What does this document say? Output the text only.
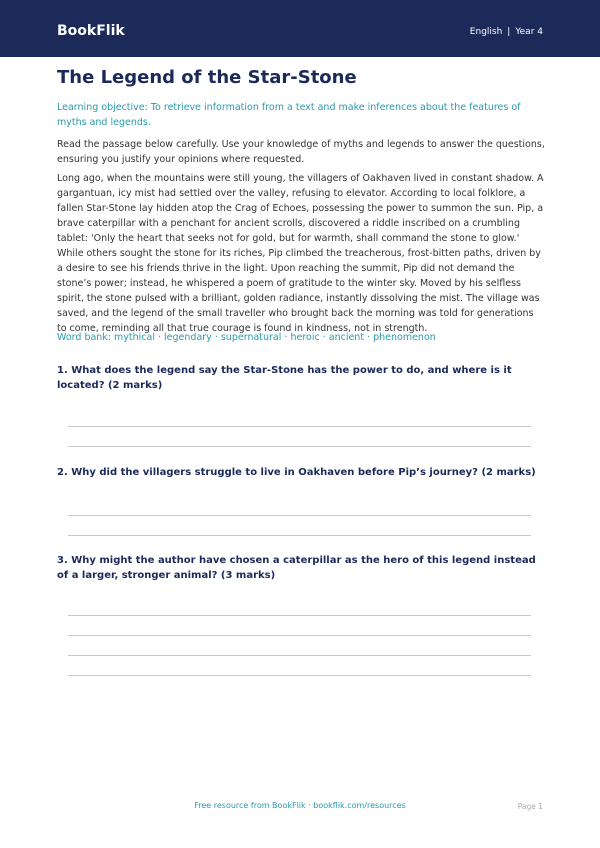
BookFlik	English | Year 4
The Legend of the Star-Stone

Learning objective: To retrieve information from a text and make inferences about the features of myths and legends.

Read the passage below carefully. Use your knowledge of myths and legends to answer the questions, ensuring you justify your opinions where requested.

Long ago, when the mountains were still young, the villagers of Oakhaven lived in constant shadow. A gargantuan, icy mist had settled over the valley, refusing to elevator. According to local folklore, a fallen Star-Stone lay hidden atop the Crag of Echoes, possessing the power to summon the sun. Pip, a brave caterpillar with a penchant for ancient scrolls, discovered a riddle inscribed on a crumbling tablet: 'Only the heart that seeks not for gold, but for warmth, shall command the stone to glow.' While others sought the stone for its riches, Pip climbed the treacherous, frost-bitten paths, driven by a desire to see his friends thrive in the light. Upon reaching the summit, Pip did not demand the stone’s power; instead, he whispered a poem of gratitude to the winter sky. Moved by his selfless spirit, the stone pulsed with a brilliant, golden radiance, instantly dissolving the mist. The village was saved, and the legend of the small traveller who brought back the morning was told for generations to come, reminding all that true courage is found in kindness, not in strength.

Word bank: mythical · legendary · supernatural · heroic · ancient · phenomenon

1. What does the legend say the Star-Stone has the power to do, and where is it located? (2 marks)

2. Why did the villagers struggle to live in Oakhaven before Pip’s journey? (2 marks)

3. Why might the author have chosen a caterpillar as the hero of this legend instead of a larger, stronger animal? (3 marks)

Free resource from BookFlik · bookflik.com/resources	Page 1
